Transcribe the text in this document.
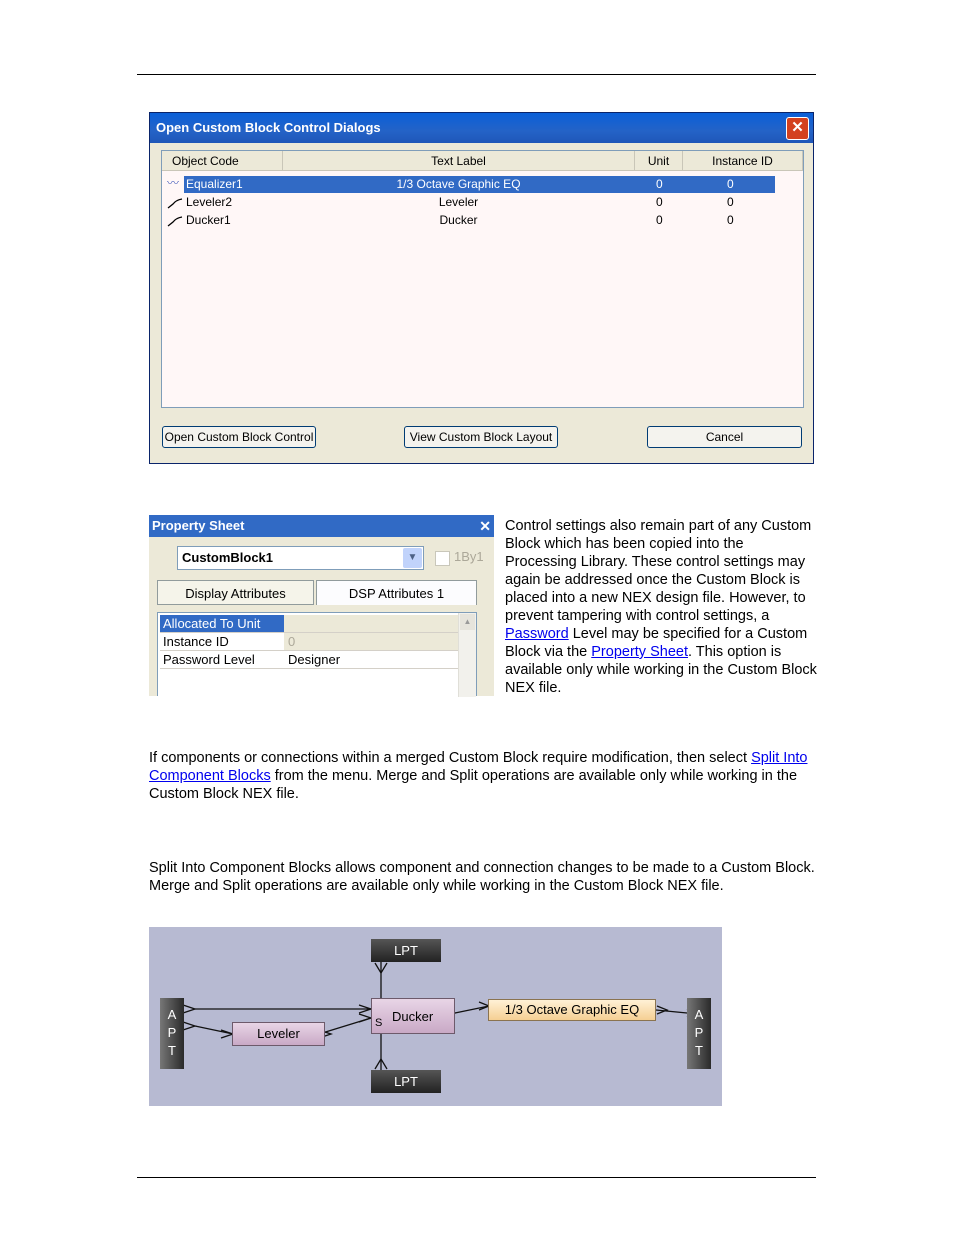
Open Custom Block Control Dialogs	✕
Object Code	Text Label	Unit	Instance ID
〰 Equalizer1	1/3 Octave Graphic EQ	0	0
Leveler2	Leveler	0	0
Ducker1	Ducker	0	0
Open Custom Block Control	View Custom Block Layout	Cancel
Property Sheet	✕
CustomBlock1	▼	1By1
Display Attributes	DSP Attributes 1
Allocated To Unit
Instance ID	0
Password Level	Designer
▲
Control settings also remain part of any Custom Block which has been copied into the Processing Library. These control settings may again be addressed once the Custom Block is placed into a new NEX design file. However, to prevent tampering with control settings, a Password Level may be specified for a Custom Block via the Property Sheet. This option is available only while working in the Custom Block NEX file.
If components or connections within a merged Custom Block require modification, then select Split Into Component Blocks from the menu. Merge and Split operations are available only while working in the Custom Block NEX file.
Split Into Component Blocks allows component and connection changes to be made to a Custom Block. Merge and Split operations are available only while working in the Custom Block NEX file.
A P T
A P T
LPT
LPT
Leveler
Ducker
S
1/3 Octave Graphic EQ
